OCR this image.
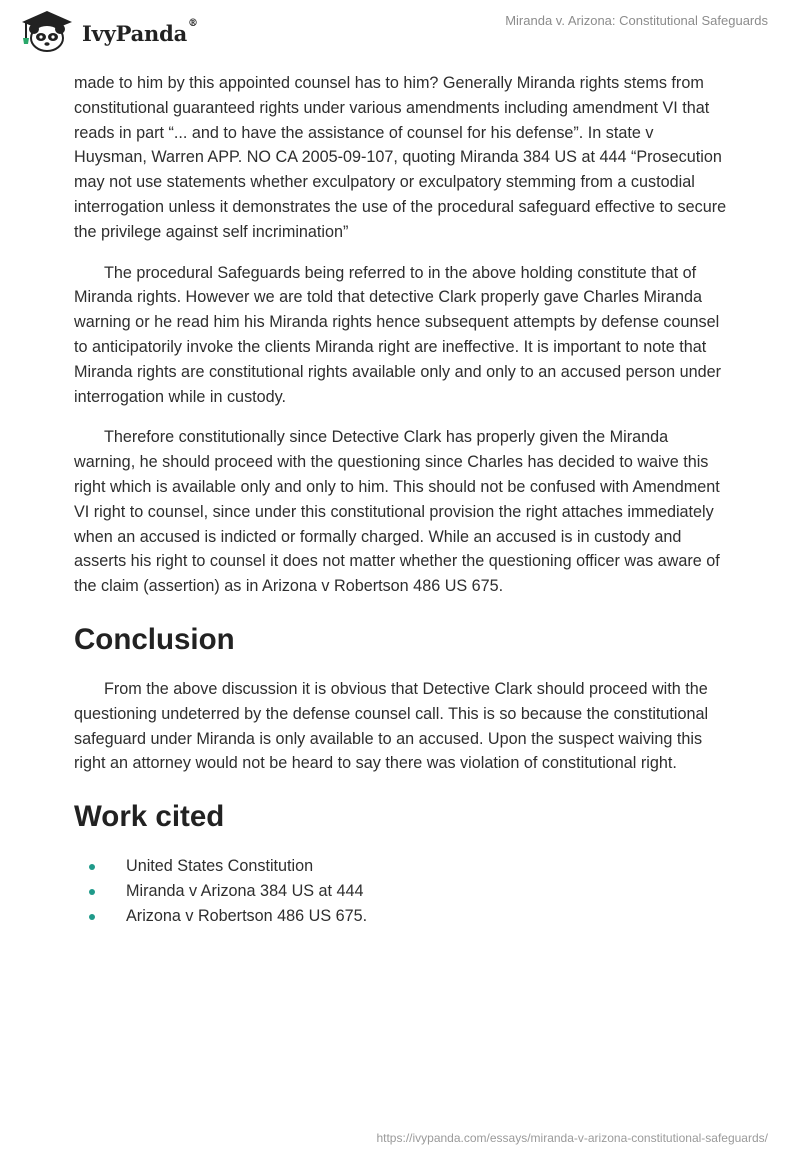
IvyPanda®	Miranda v. Arizona: Constitutional Safeguards

made to him by this appointed counsel has to him? Generally Miranda rights stems from constitutional guaranteed rights under various amendments including amendment VI that reads in part “... and to have the assistance of counsel for his defense”. In state v Huysman, Warren APP. NO CA 2005-09-107, quoting Miranda 384 US at 444 “Prosecution may not use statements whether exculpatory or exculpatory stemming from a custodial interrogation unless it demonstrates the use of the procedural safeguard effective to secure the privilege against self incrimination”

The procedural Safeguards being referred to in the above holding constitute that of Miranda rights. However we are told that detective Clark properly gave Charles Miranda warning or he read him his Miranda rights hence subsequent attempts by defense counsel to anticipatorily invoke the clients Miranda right are ineffective. It is important to note that Miranda rights are constitutional rights available only and only to an accused person under interrogation while in custody.

Therefore constitutionally since Detective Clark has properly given the Miranda warning, he should proceed with the questioning since Charles has decided to waive this right which is available only and only to him. This should not be confused with Amendment VI right to counsel, since under this constitutional provision the right attaches immediately when an accused is indicted or formally charged. While an accused is in custody and asserts his right to counsel it does not matter whether the questioning officer was aware of the claim (assertion) as in Arizona v Robertson 486 US 675.

Conclusion

From the above discussion it is obvious that Detective Clark should proceed with the questioning undeterred by the defense counsel call. This is so because the constitutional safeguard under Miranda is only available to an accused. Upon the suspect waiving this right an attorney would not be heard to say there was violation of constitutional right.

Work cited
United States Constitution
Miranda v Arizona 384 US at 444
Arizona v Robertson 486 US 675.
https://ivypanda.com/essays/miranda-v-arizona-constitutional-safeguards/
